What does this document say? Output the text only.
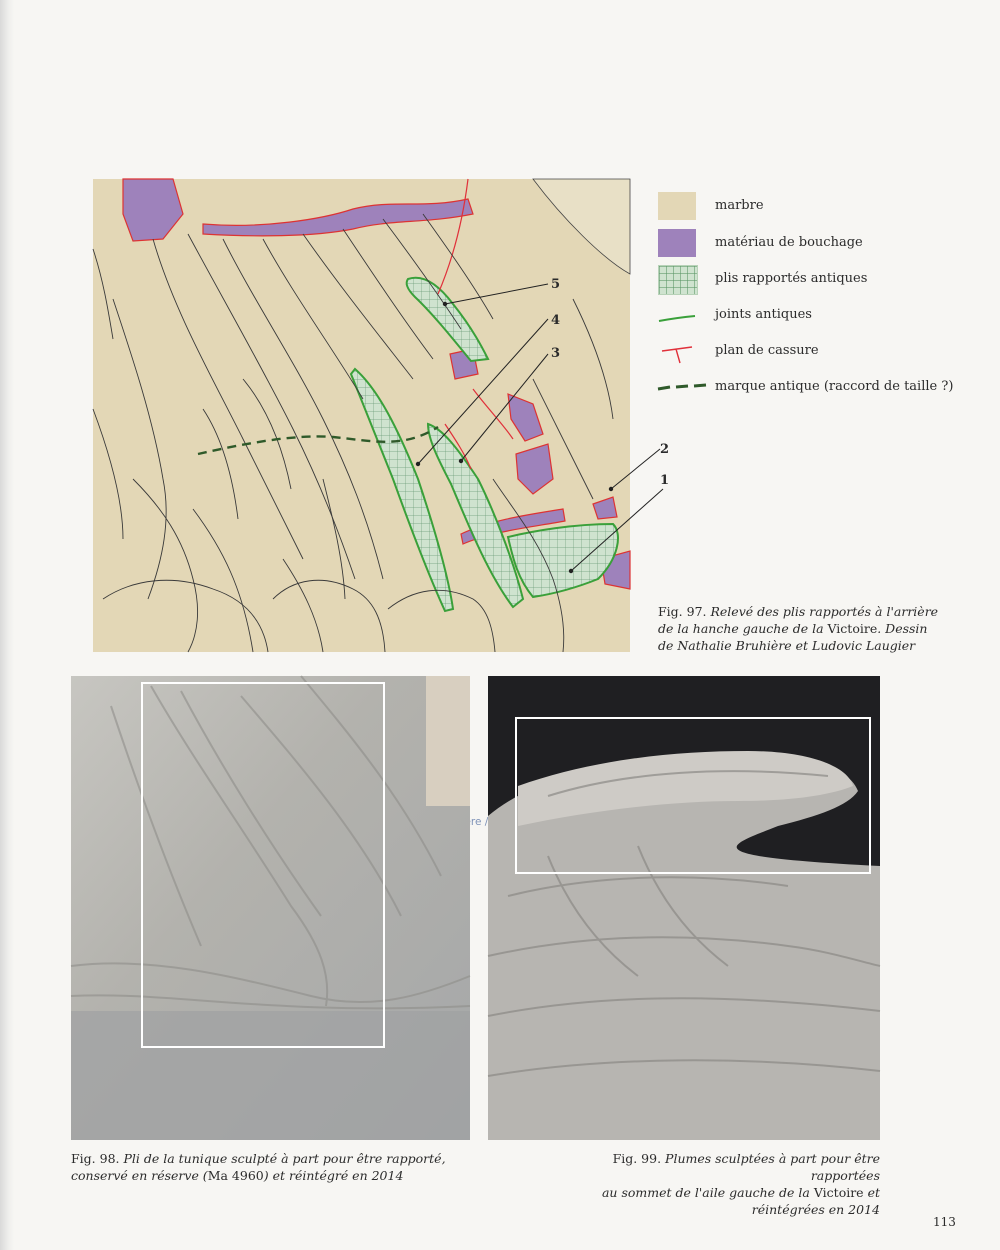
/
5
4
3
2
1
marbre
matériau de bouchage
plis rapportés antiques
joints antiques
plan de cassure
marque antique (raccord de taille ?)
Fig. 97. Relevé des plis rapportés à l'arrière
de la hanche gauche de la Victoire. Dessin
de Nathalie Bruhière et Ludovic Laugier
Fig. 98. Pli de la tunique sculpté à part pour être rapporté,
conservé en réserve (Ma 4960) et réintégré en 2014
Fig. 99. Plumes sculptées à part pour être rapportées
au sommet de l'aile gauche de la Victoire et réintégrées en 2014
113
